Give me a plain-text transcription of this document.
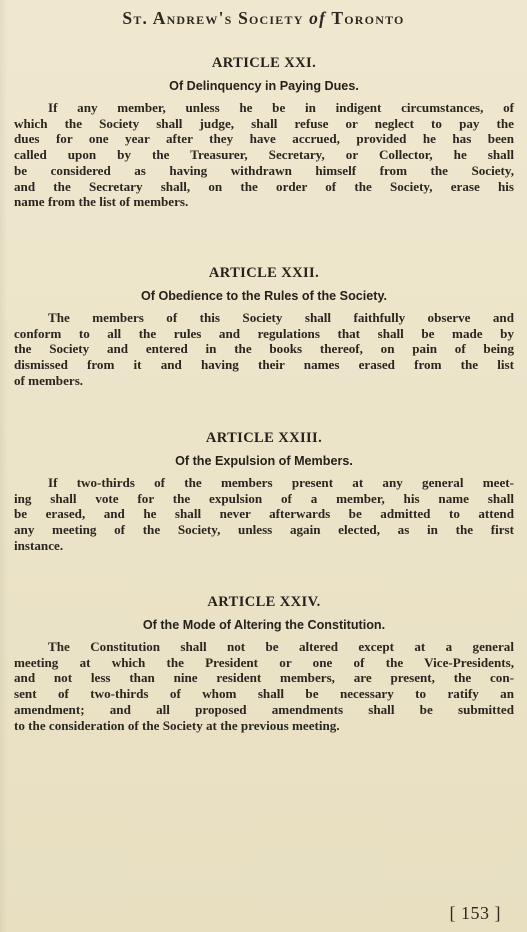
St. Andrew's Society of Toronto
ARTICLE XXI.
Of Delinquency in Paying Dues.
If any member, unless he be in indigent circumstances, of
which the Society shall judge, shall refuse or neglect to pay the
dues for one year after they have accrued, provided he has been
called upon by the Treasurer, Secretary, or Collector, he shall
be considered as having withdrawn himself from the Society,
and the Secretary shall, on the order of the Society, erase his
name from the list of members.
ARTICLE XXII.
Of Obedience to the Rules of the Society.
The members of this Society shall faithfully observe and
conform to all the rules and regulations that shall be made by
the Society and entered in the books thereof, on pain of being
dismissed from it and having their names erased from the list
of members.
ARTICLE XXIII.
Of the Expulsion of Members.
If two-thirds of the members present at any general meet-
ing shall vote for the expulsion of a member, his name shall
be erased, and he shall never afterwards be admitted to attend
any meeting of the Society, unless again elected, as in the first
instance.
ARTICLE XXIV.
Of the Mode of Altering the Constitution.
The Constitution shall not be altered except at a general
meeting at which the President or one of the Vice-Presidents,
and not less than nine resident members, are present, the con-
sent of two-thirds of whom shall be necessary to ratify an
amendment; and all proposed amendments shall be submitted
to the consideration of the Society at the previous meeting.
[ 153 ]
